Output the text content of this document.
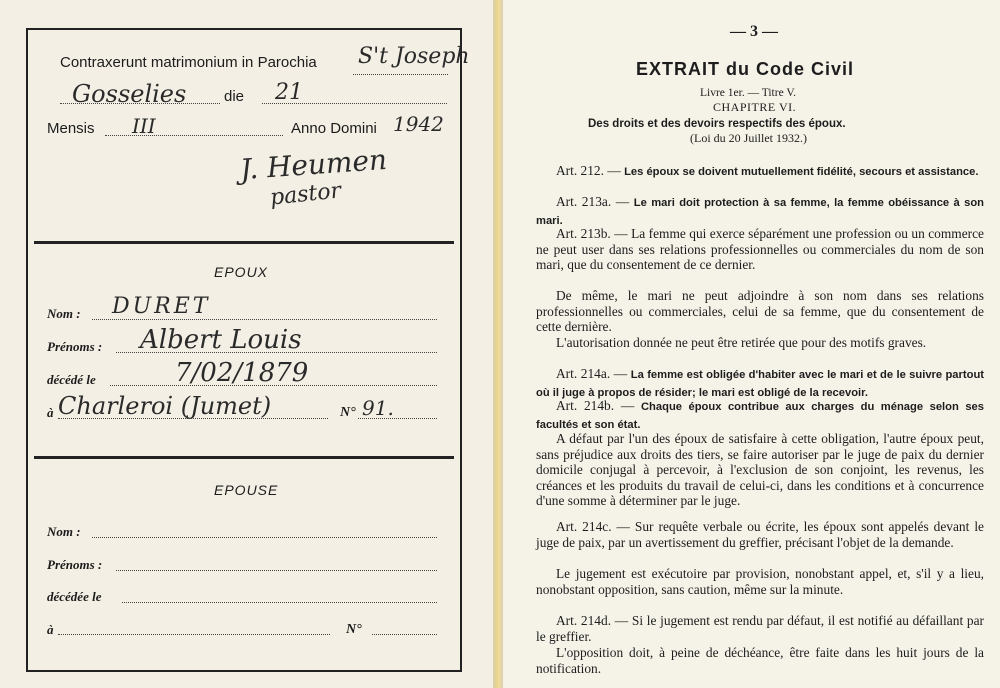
Contraxerunt matrimonium in Parochia S't Joseph
Gosselies	die 21
Mensis III	Anno Domini 1942
J. Heumen
pastor
EPOUX
Nom : DURET
Prénoms : Albert Louis
décédé le	7/02/1879
à Charleroi (Jumet)	N° 91.
EPOUSE
Nom :
Prénoms :
décédée le
à	N°
— 3 —
EXTRAIT du Code Civil
Livre 1er. — Titre V.
CHAPITRE VI.
Des droits et des devoirs respectifs des époux.
(Loi du 20 Juillet 1932.)
Art. 212. — Les époux se doivent mutuellement fidélité, secours et assistance.
Art. 213a. — Le mari doit protection à sa femme, la femme obéissance à son mari.
Art. 213b. — La femme qui exerce séparément une profession ou un commerce ne peut user dans ses relations professionnelles ou commerciales du nom de son mari, que du consentement de ce dernier.
De même, le mari ne peut adjoindre à son nom dans ses relations professionnelles ou commerciales, celui de sa femme, que du consentement de cette dernière.
L'autorisation donnée ne peut être retirée que pour des motifs graves.
Art. 214a. — La femme est obligée d'habiter avec le mari et de le suivre partout où il juge à propos de résider; le mari est obligé de la recevoir.
Art. 214b. — Chaque époux contribue aux charges du ménage selon ses facultés et son état.
A défaut par l'un des époux de satisfaire à cette obligation, l'autre époux peut, sans préjudice aux droits des tiers, se faire autoriser par le juge de paix du dernier domicile conjugal à percevoir, à l'exclusion de son conjoint, les revenus, les créances et les produits du travail de celui-ci, dans les conditions et à concurrence d'une somme à déterminer par le juge.
Art. 214c. — Sur requête verbale ou écrite, les époux sont appelés devant le juge de paix, par un avertissement du greffier, précisant l'objet de la demande.
Le jugement est exécutoire par provision, nonobstant appel, et, s'il y a lieu, nonobstant opposition, sans caution, même sur la minute.
Art. 214d. — Si le jugement est rendu par défaut, il est notifié au défaillant par le greffier.
L'opposition doit, à peine de déchéance, être faite dans les huit jours de la notification.
